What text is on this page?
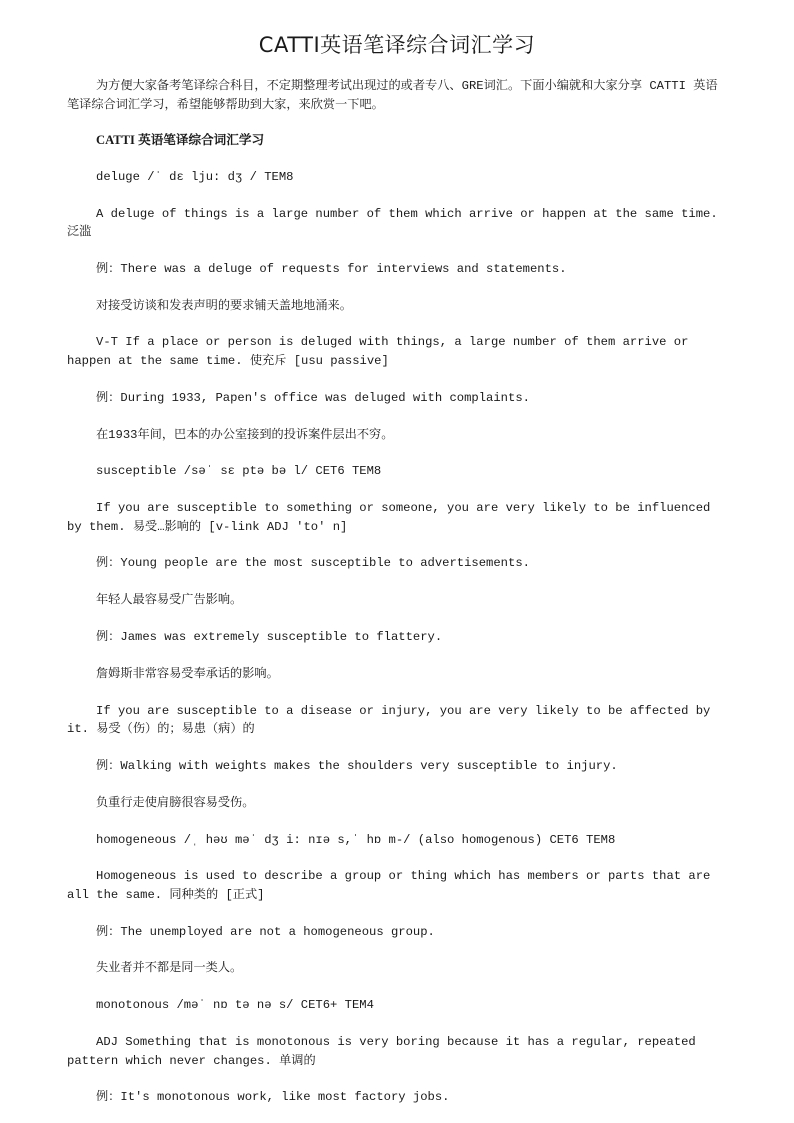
CATTI英语笔译综合词汇学习

为方便大家备考笔译综合科目，不定期整理考试出现过的或者专八、GRE词汇。下面小编就和大家分享 CATTI 英语笔译综合词汇学习，希望能够帮助到大家，来欣赏一下吧。

CATTI 英语笔译综合词汇学习

deluge /ˈ dɛ lju: dʒ / TEM8

A deluge of things is a large number of them which arrive or happen at the same time. 泛滥

例：There was a deluge of requests for interviews and statements.

对接受访谈和发表声明的要求铺天盖地地涌来。

V-T If a place or person is deluged with things, a large number of them arrive or happen at the same time. 使充斥 [usu passive]

例：During 1933, Papen's office was deluged with complaints.

在1933年间，巴本的办公室接到的投诉案件层出不穷。

susceptible /səˈ sɛ ptə bə l/ CET6 TEM8

If you are susceptible to something or someone, you are very likely to be influenced by them. 易受…影响的 [v-link ADJ 'to' n]

例：Young people are the most susceptible to advertisements.

年轻人最容易受广告影响。

例：James was extremely susceptible to flattery.

詹姆斯非常容易受奉承话的影响。

If you are susceptible to a disease or injury, you are very likely to be affected by it. 易受（伤）的；易患（病）的

例：Walking with weights makes the shoulders very susceptible to injury.

负重行走使肩膀很容易受伤。

homogeneous /ˌ həʊ məˈ dʒ i: nɪə s,ˈ hɒ m-/ (also homogenous) CET6 TEM8

Homogeneous is used to describe a group or thing which has members or parts that are all the same. 同种类的 [正式]

例：The unemployed are not a homogeneous group.

失业者并不都是同一类人。

monotonous /məˈ nɒ tə nə s/ CET6+ TEM4

ADJ Something that is monotonous is very boring because it has a regular, repeated pattern which never changes. 单调的

例：It's monotonous work, like most factory jobs.
